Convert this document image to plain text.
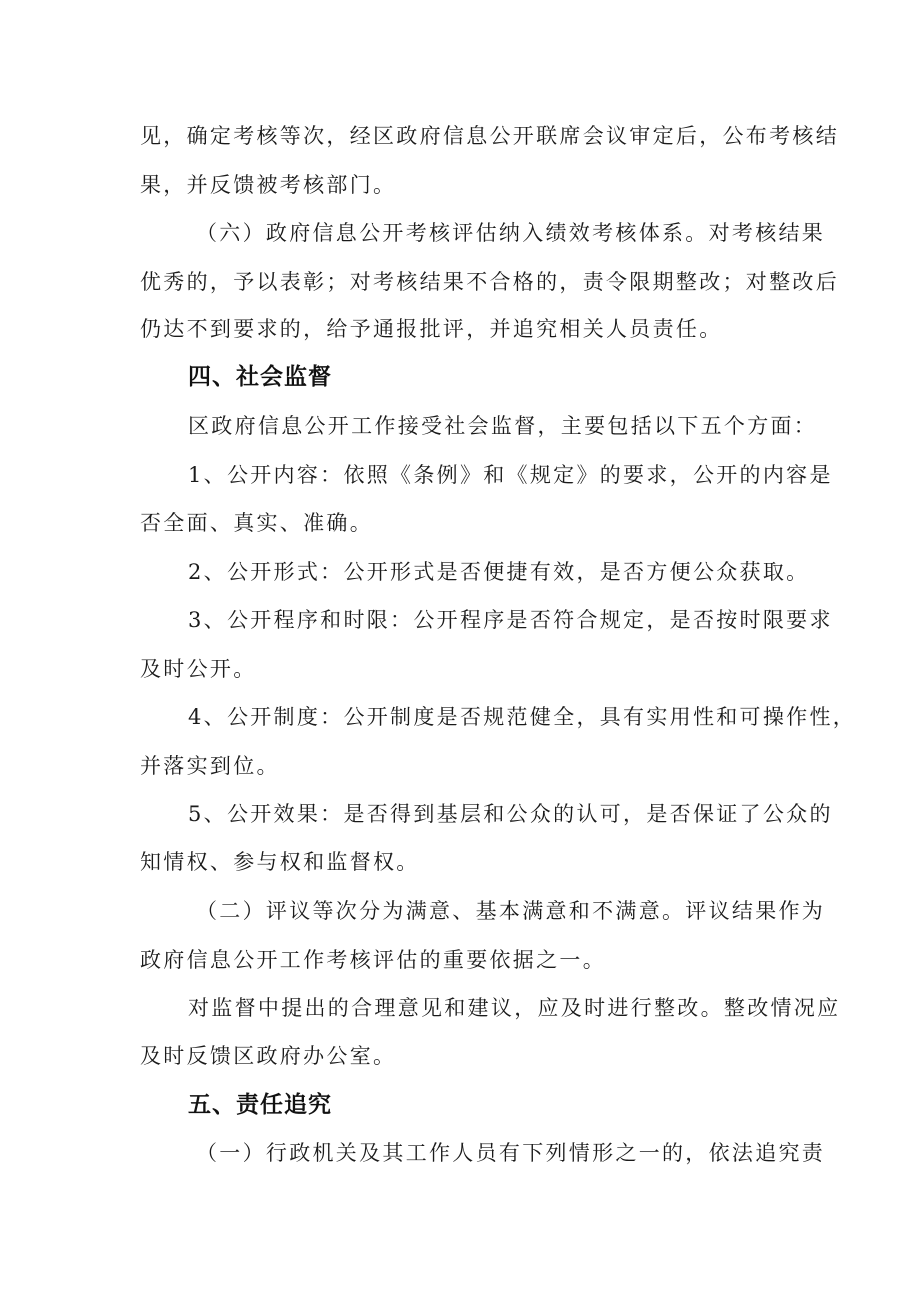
见，确定考核等次，经区政府信息公开联席会议审定后，公布考核结

果，并反馈被考核部门。

（六）政府信息公开考核评估纳入绩效考核体系。对考核结果

优秀的，予以表彰；对考核结果不合格的，责令限期整改；对整改后

仍达不到要求的，给予通报批评，并追究相关人员责任。

四、社会监督

区政府信息公开工作接受社会监督，主要包括以下五个方面：

1、公开内容：依照《条例》和《规定》的要求，公开的内容是

否全面、真实、准确。

2、公开形式：公开形式是否便捷有效，是否方便公众获取。

3、公开程序和时限：公开程序是否符合规定，是否按时限要求

及时公开。

4、公开制度：公开制度是否规范健全，具有实用性和可操作性，

并落实到位。

5、公开效果：是否得到基层和公众的认可，是否保证了公众的

知情权、参与权和监督权。

（二）评议等次分为满意、基本满意和不满意。评议结果作为

政府信息公开工作考核评估的重要依据之一。

对监督中提出的合理意见和建议，应及时进行整改。整改情况应

及时反馈区政府办公室。

五、责任追究

（一）行政机关及其工作人员有下列情形之一的，依法追究责
